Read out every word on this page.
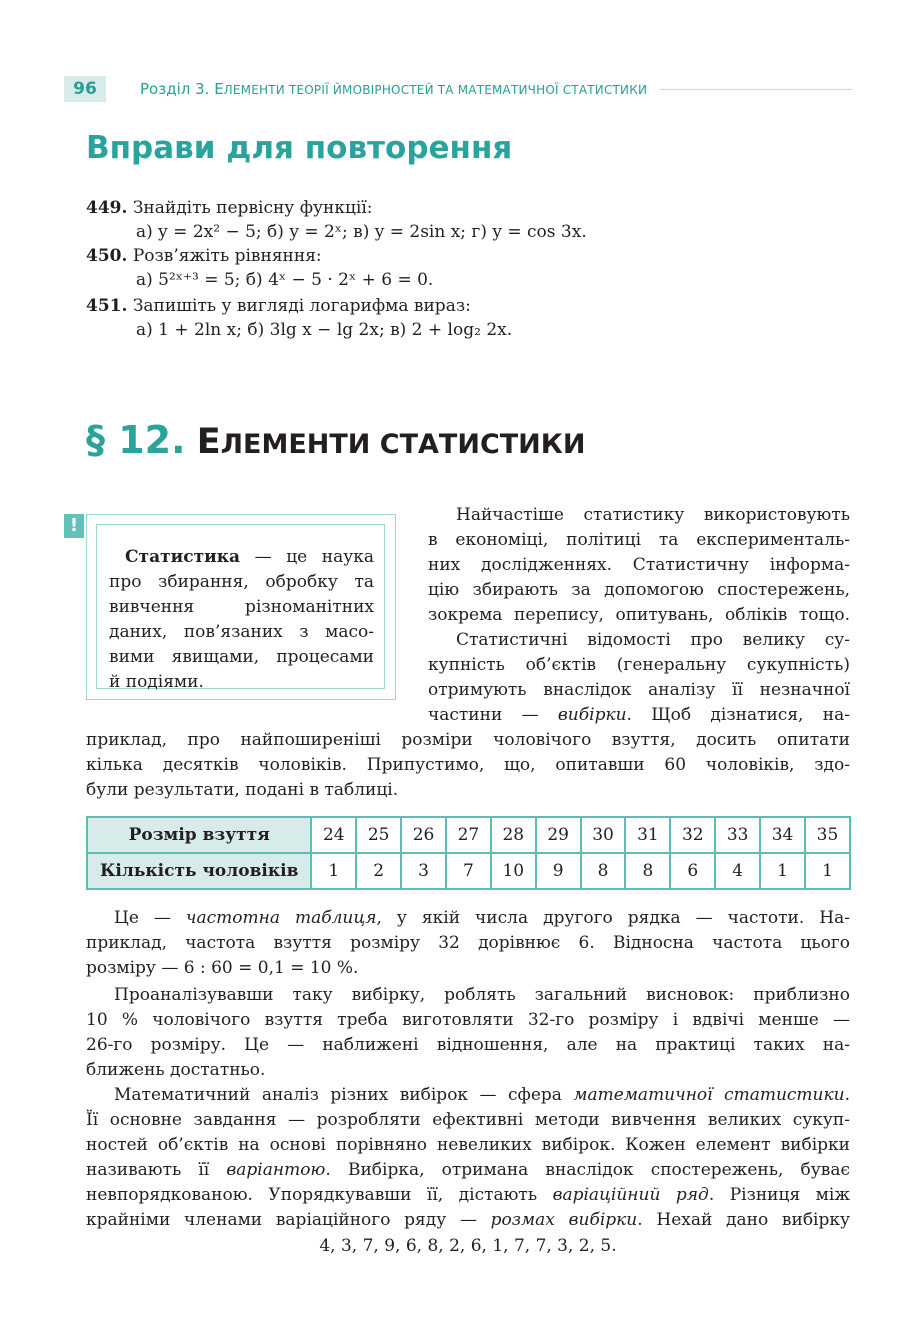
96	Розділ 3. ЕЛЕМЕНТИ ТЕОРІЇ ЙМОВІРНОСТЕЙ ТА МАТЕМАТИЧНОЇ СТАТИСТИКИ
Вправи для повторення
449. Знайдіть первісну функції:
а) y = 2x² − 5; б) y = 2ˣ; в) y = 2sin x; г) y = cos 3x.
450. Розв’яжіть рівняння:
а) 5²ˣ⁺³ = 5; б) 4ˣ − 5 · 2ˣ + 6 = 0.
451. Запишіть у вигляді логарифма вираз:
а) 1 + 2ln x; б) 3lg x − lg 2x; в) 2 + log₂ 2x.
§ 12. ЕЛЕМЕНТИ СТАТИСТИКИ
!
Статистика — це наука
про збирання, обробку та
вивчення різноманітних
даних, пов’язаних з масо-
вими явищами, процесами
й подіями.
Найчастіше статистику використовують
в економіці, політиці та експерименталь-
них дослідженнях. Статистичну інформа-
цію збирають за допомогою спостережень,
зокрема перепису, опитувань, обліків тощо.
Статистичні відомості про велику су-
купність об’єктів (генеральну сукупність)
отримують внаслідок аналізу її незначної
частини — вибірки. Щоб дізнатися, на-
приклад, про найпоширеніші розміри чоловічого взуття, досить опитати
кілька десятків чоловіків. Припустимо, що, опитавши 60 чоловіків, здо-
були результати, подані в таблиці.
Розмір взуття	24	25	26	27	28	29	30	31	32	33	34	35
Кількість чоловіків	1	2	3	7	10	9	8	8	6	4	1	1
Це — частотна таблиця, у якій числа другого рядка — частоти. На-
приклад, частота взуття розміру 32 дорівнює 6. Відносна частота цього
розміру — 6 : 60 = 0,1 = 10 %.
Проаналізувавши таку вибірку, роблять загальний висновок: приблизно
10 % чоловічого взуття треба виготовляти 32-го розміру і вдвічі менше —
26-го розміру. Це — наближені відношення, але на практиці таких на-
ближень достатньо.
Математичний аналіз різних вибірок — сфера математичної статистики.
Її основне завдання — розробляти ефективні методи вивчення великих сукуп-
ностей об’єктів на основі порівняно невеликих вибірок. Кожен елемент вибірки
називають її варіантою. Вибірка, отримана внаслідок спостережень, буває
невпорядкованою. Упорядкувавши її, дістають варіаційний ряд. Різниця між
крайніми членами варіаційного ряду — розмах вибірки. Нехай дано вибірку
4, 3, 7, 9, 6, 8, 2, 6, 1, 7, 7, 3, 2, 5.
